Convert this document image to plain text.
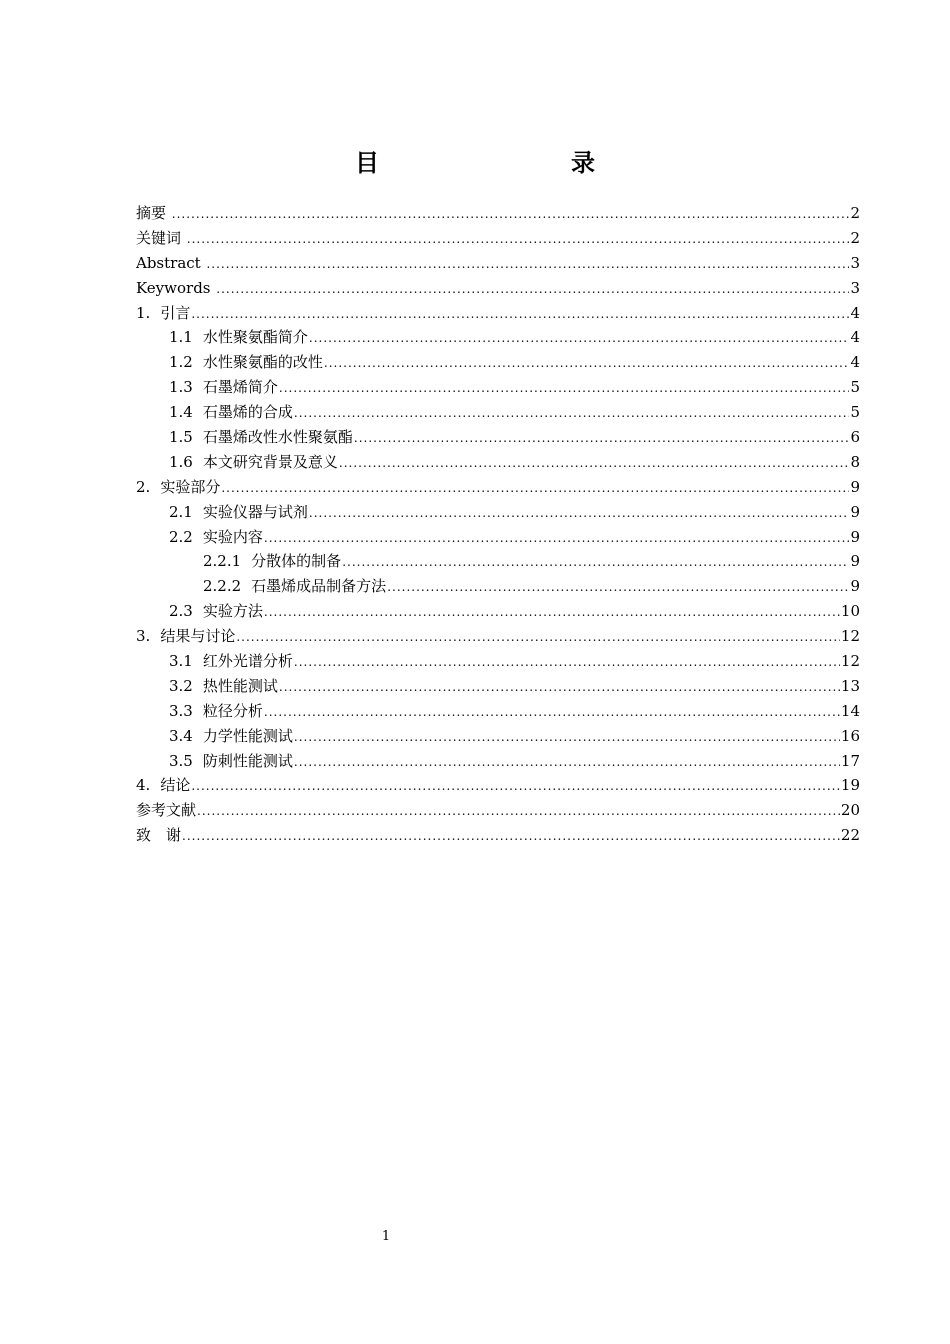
目　　录
摘要 .....	2
关键词 .....	2
Abstract .....	3
Keywords .....	3
1. 引言 .....	4
1.1 水性聚氨酯简介 .....	4
1.2 水性聚氨酯的改性 .....	4
1.3 石墨烯简介 .....	5
1.4 石墨烯的合成 .....	5
1.5 石墨烯改性水性聚氨酯 .....	6
1.6 本文研究背景及意义 .....	8
2. 实验部分 .....	9
2.1 实验仪器与试剂 .....	9
2.2 实验内容 .....	9
2.2.1 分散体的制备 .....	9
2.2.2 石墨烯成品制备方法 .....	9
2.3 实验方法 .....	10
3. 结果与讨论 .....	12
3.1 红外光谱分析 .....	12
3.2 热性能测试 .....	13
3.3 粒径分析 .....	14
3.4 力学性能测试 .....	16
3.5 防刺性能测试 .....	17
4. 结论 .....	19
参考文献 .....	20
致　谢 .....	22
1
